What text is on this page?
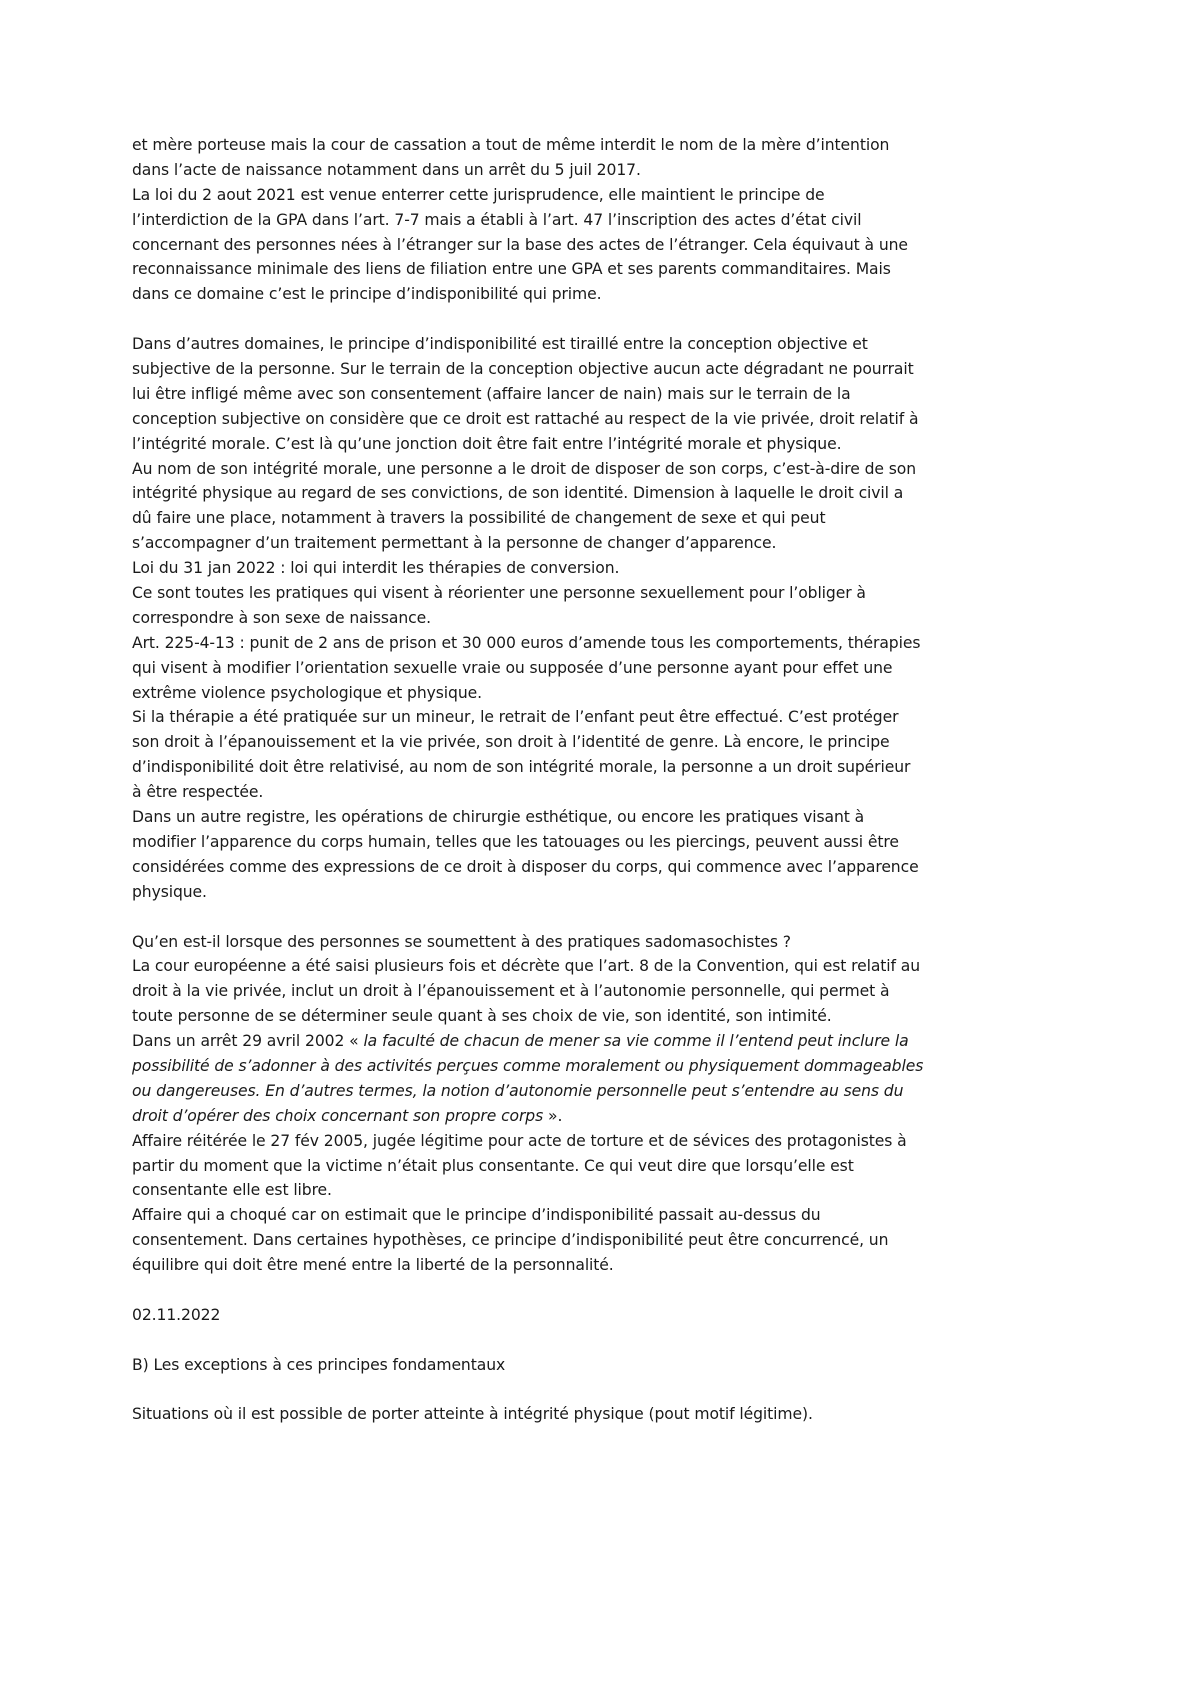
et mère porteuse mais la cour de cassation a tout de même interdit le nom de la mère d’intention
dans l’acte de naissance notamment dans un arrêt du 5 juil 2017.
La loi du 2 aout 2021 est venue enterrer cette jurisprudence, elle maintient le principe de
l’interdiction de la GPA dans l’art. 7-7 mais a établi à l’art. 47 l’inscription des actes d’état civil
concernant des personnes nées à l’étranger sur la base des actes de l’étranger. Cela équivaut à une
reconnaissance minimale des liens de filiation entre une GPA et ses parents commanditaires. Mais
dans ce domaine c’est le principe d’indisponibilité qui prime.
Dans d’autres domaines, le principe d’indisponibilité est tiraillé entre la conception objective et
subjective de la personne. Sur le terrain de la conception objective aucun acte dégradant ne pourrait
lui être infligé même avec son consentement (affaire lancer de nain) mais sur le terrain de la
conception subjective on considère que ce droit est rattaché au respect de la vie privée, droit relatif à
l’intégrité morale. C’est là qu’une jonction doit être fait entre l’intégrité morale et physique.
Au nom de son intégrité morale, une personne a le droit de disposer de son corps, c’est-à-dire de son
intégrité physique au regard de ses convictions, de son identité. Dimension à laquelle le droit civil a
dû faire une place, notamment à travers la possibilité de changement de sexe et qui peut
s’accompagner d’un traitement permettant à la personne de changer d’apparence.
Loi du 31 jan 2022 : loi qui interdit les thérapies de conversion.
Ce sont toutes les pratiques qui visent à réorienter une personne sexuellement pour l’obliger à
correspondre à son sexe de naissance.
Art. 225-4-13 : punit de 2 ans de prison et 30 000 euros d’amende tous les comportements, thérapies
qui visent à modifier l’orientation sexuelle vraie ou supposée d’une personne ayant pour effet une
extrême violence psychologique et physique.
Si la thérapie a été pratiquée sur un mineur, le retrait de l’enfant peut être effectué. C’est protéger
son droit à l’épanouissement et la vie privée, son droit à l’identité de genre. Là encore, le principe
d’indisponibilité doit être relativisé, au nom de son intégrité morale, la personne a un droit supérieur
à être respectée.
Dans un autre registre, les opérations de chirurgie esthétique, ou encore les pratiques visant à
modifier l’apparence du corps humain, telles que les tatouages ou les piercings, peuvent aussi être
considérées comme des expressions de ce droit à disposer du corps, qui commence avec l’apparence
physique.
Qu’en est-il lorsque des personnes se soumettent à des pratiques sadomasochistes ?
La cour européenne a été saisi plusieurs fois et décrète que l’art. 8 de la Convention, qui est relatif au
droit à la vie privée, inclut un droit à l’épanouissement et à l’autonomie personnelle, qui permet à
toute personne de se déterminer seule quant à ses choix de vie, son identité, son intimité.
Dans un arrêt 29 avril 2002 « la faculté de chacun de mener sa vie comme il l’entend peut inclure la
possibilité de s’adonner à des activités perçues comme moralement ou physiquement dommageables
ou dangereuses. En d’autres termes, la notion d’autonomie personnelle peut s’entendre au sens du
droit d’opérer des choix concernant son propre corps ».
Affaire réitérée le 27 fév 2005, jugée légitime pour acte de torture et de sévices des protagonistes à
partir du moment que la victime n’était plus consentante. Ce qui veut dire que lorsqu’elle est
consentante elle est libre.
Affaire qui a choqué car on estimait que le principe d’indisponibilité passait au-dessus du
consentement. Dans certaines hypothèses, ce principe d’indisponibilité peut être concurrencé, un
équilibre qui doit être mené entre la liberté de la personnalité.
02.11.2022
B) Les exceptions à ces principes fondamentaux
Situations où il est possible de porter atteinte à intégrité physique (pout motif légitime).
